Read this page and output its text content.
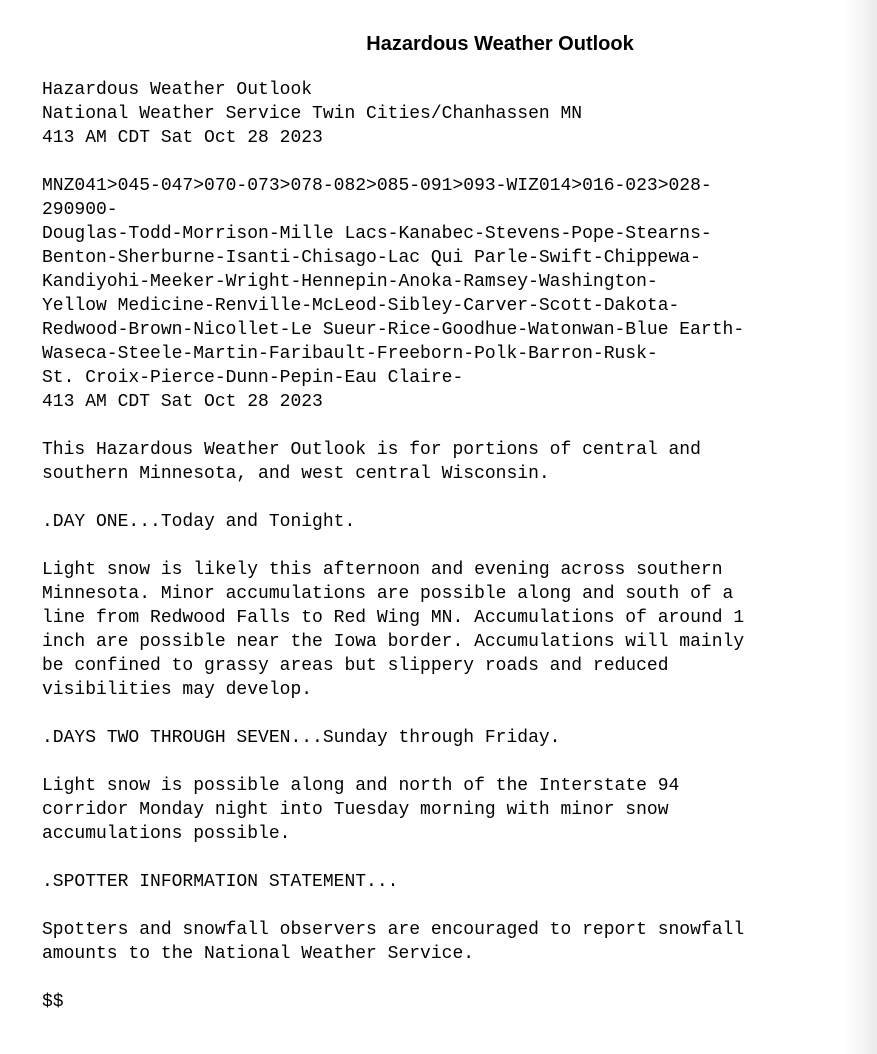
Hazardous Weather Outlook
Hazardous Weather Outlook
National Weather Service Twin Cities/Chanhassen MN
413 AM CDT Sat Oct 28 2023

MNZ041>045-047>070-073>078-082>085-091>093-WIZ014>016-023>028-
290900-
Douglas-Todd-Morrison-Mille Lacs-Kanabec-Stevens-Pope-Stearns-
Benton-Sherburne-Isanti-Chisago-Lac Qui Parle-Swift-Chippewa-
Kandiyohi-Meeker-Wright-Hennepin-Anoka-Ramsey-Washington-
Yellow Medicine-Renville-McLeod-Sibley-Carver-Scott-Dakota-
Redwood-Brown-Nicollet-Le Sueur-Rice-Goodhue-Watonwan-Blue Earth-
Waseca-Steele-Martin-Faribault-Freeborn-Polk-Barron-Rusk-
St. Croix-Pierce-Dunn-Pepin-Eau Claire-
413 AM CDT Sat Oct 28 2023

This Hazardous Weather Outlook is for portions of central and
southern Minnesota, and west central Wisconsin.

.DAY ONE...Today and Tonight.

Light snow is likely this afternoon and evening across southern
Minnesota. Minor accumulations are possible along and south of a
line from Redwood Falls to Red Wing MN. Accumulations of around 1
inch are possible near the Iowa border. Accumulations will mainly
be confined to grassy areas but slippery roads and reduced
visibilities may develop.

.DAYS TWO THROUGH SEVEN...Sunday through Friday.

Light snow is possible along and north of the Interstate 94
corridor Monday night into Tuesday morning with minor snow
accumulations possible.

.SPOTTER INFORMATION STATEMENT...

Spotters and snowfall observers are encouraged to report snowfall
amounts to the National Weather Service.

$$
